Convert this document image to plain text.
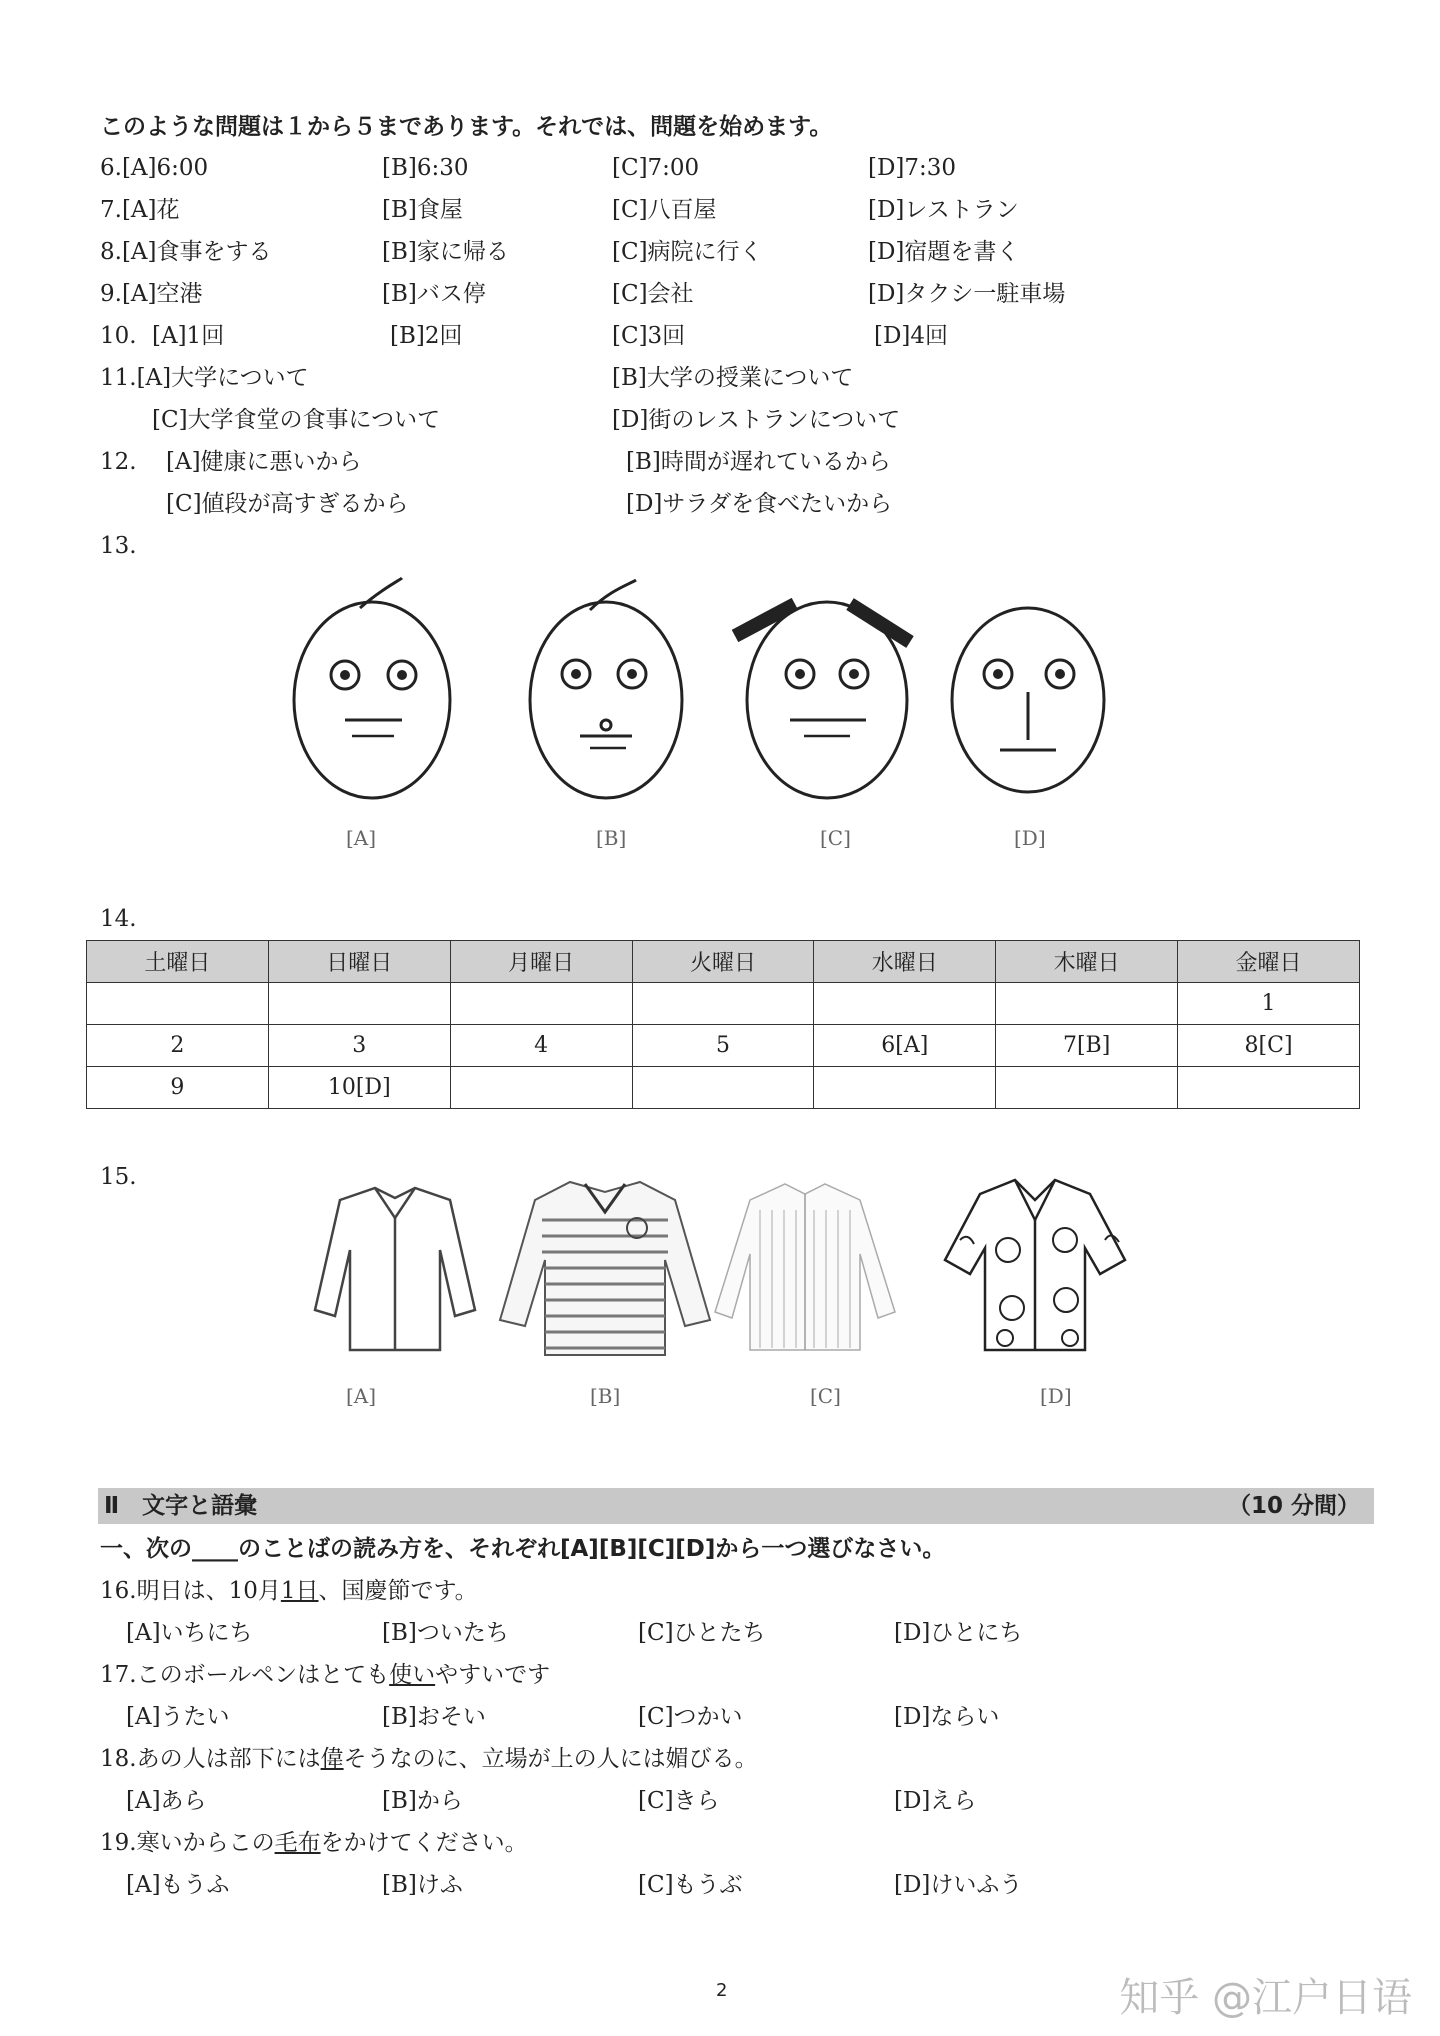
このような問題は１から５まであります。それでは、問題を始めます。
6.[A]6:00	[B]6:30	[C]7:00	[D]7:30
7.[A]花	[B]食屋	[C]八百屋	[D]レストラン
8.[A]食事をする	[B]家に帰る	[C]病院に行く	[D]宿題を書く
9.[A]空港	[B]バス停	[C]会社	[D]タクシ一駐車場
10. [A]1回	[B]2回	[C]3回	[D]4回
11.[A]大学について	[B]大学の授業について
[C]大学食堂の食事について	[D]街のレストランについて
12. [A]健康に悪いから	[B]時間が遅れているから
[C]値段が高すぎるから	[D]サラダを食べたいから
13.
[A]	[B]	[C]	[D]
14.
土曜日	日曜日	月曜日	火曜日	水曜日	木曜日	金曜日
						1
2	3	4	5	6[A]	7[B]	8[C]
9	10[D]					
15.
[A]	[B]	[C]	[D]
Ⅱ　文字と語彙	（10 分間）
一、次の____のことばの読み方を、それぞれ[A][B][C][D]から一つ選びなさい。
16.明日は、10月1日、国慶節です。
[A]いちにち	[B]ついたち	[C]ひとたち	[D]ひとにち
17.このボールペンはとても使いやすいです
[A]うたい	[B]おそい	[C]つかい	[D]ならい
18.あの人は部下には偉そうなのに、立場が上の人には媚びる。
[A]あら	[B]から	[C]きら	[D]えら
19.寒いからこの毛布をかけてください。
[A]もうふ	[B]けふ	[C]もうぶ	[D]けいふう
2	知乎 @江户日语
